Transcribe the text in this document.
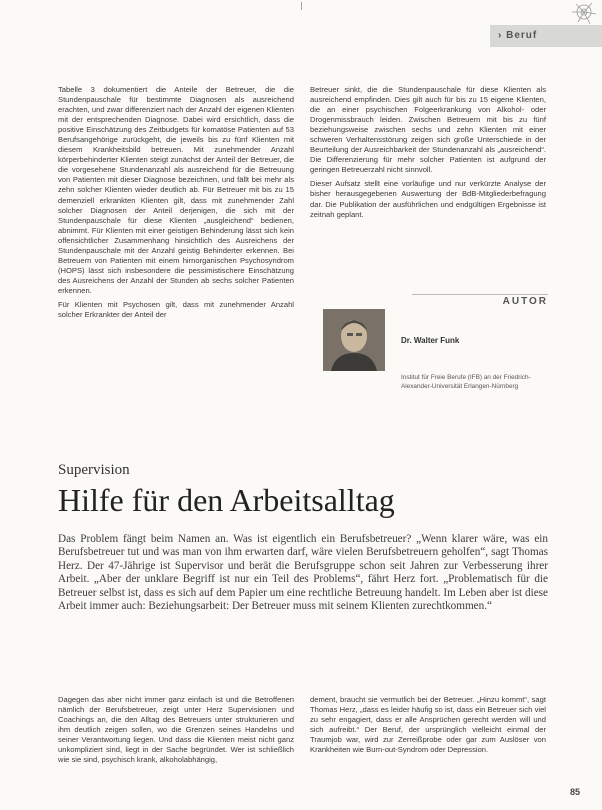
› Beruf

Tabelle 3 dokumentiert die Anteile der Betreuer, die die Stundenpauschale für bestimmte Diagnosen als ausreichend erachten, und zwar differenziert nach der Anzahl der eigenen Klienten mit der entsprechenden Diagnose. Dabei wird ersichtlich, dass die positive Einschätzung des Zeitbudgets für komatöse Patienten auf 53 Berufsangehörige zurückgeht, die jeweils bis zu fünf Klienten mit diesem Krankheitsbild betreuen. Mit zunehmender Anzahl körperbehinderter Klienten steigt zunächst der Anteil der Betreuer, die die vorgesehene Stundenanzahl als ausreichend für die Betreuung von Patienten mit dieser Diagnose bezeichnen, und fällt bei mehr als zehn solcher Klienten wieder deutlich ab. Für Betreuer mit bis zu 15 demenziell erkrankten Klienten gilt, dass mit zunehmender Zahl solcher Diagnosen der Anteil derjenigen, die sich mit der Stundenpauschale für diese Klienten „ausgleichend“ bedienen, abnimmt. Für Klienten mit einer geistigen Behinderung lässt sich kein offensichtlicher Zusammenhang hinsichtlich des Ausreichens der Stundenpauschale mit der Anzahl geistig Behinderter erkennen. Bei Betreuern von Patienten mit einem hirnorganischen Psychosyndrom (HOPS) lässt sich insbesondere die pessimistischere Einschätzung des Ausreichens der Anzahl der Stunden ab sechs solcher Patienten erkennen.

Für Klienten mit Psychosen gilt, dass mit zunehmender Anzahl solcher Erkrankter der Anteil der

Betreuer sinkt, die die Stundenpauschale für diese Klienten als ausreichend empfinden. Dies gilt auch für bis zu 15 eigene Klienten, die an einer psychischen Folgeerkrankung von Alkohol- oder Drogenmissbrauch leiden. Zwischen Betreuern mit bis zu fünf beziehungsweise zwischen sechs und zehn Klienten mit einer schweren Verhaltensstörung zeigen sich große Unterschiede in der Beurteilung der Ausreichbarkeit der Stundenanzahl als „ausreichend“. Die Differenzierung für mehr solcher Patienten ist aufgrund der geringen Betreuerzahl nicht sinnvoll.

Dieser Aufsatz stellt eine vorläufige und nur verkürzte Analyse der bisher herausgegebenen Auswertung der BdB-Mitgliederbefragung dar. Die Publikation der ausführlichen und endgültigen Ergebnisse ist zeitnah geplant.

AUTOR
Dr. Walter Funk
Institut für Freie Berufe (IFB) an der Friedrich-Alexander-Universität Erlangen-Nürnberg
Supervision
Hilfe für den Arbeitsalltag
Das Problem fängt beim Namen an. Was ist eigentlich ein Berufsbetreuer? „Wenn klarer wäre, was ein Berufsbetreuer tut und was man von ihm erwarten darf, wäre vielen Berufsbetreuern geholfen“, sagt Thomas Herz. Der 47-Jährige ist Supervisor und berät die Berufsgruppe schon seit Jahren zur Verbesserung ihrer Arbeit. „Aber der unklare Begriff ist nur ein Teil des Problems“, fährt Herz fort. „Problematisch für die Betreuer selbst ist, dass es sich auf dem Papier um eine rechtliche Betreuung handelt. Im Leben aber ist diese Arbeit immer auch: Beziehungsarbeit: Der Betreuer muss mit seinem Klienten zurechtkommen.“

Dagegen das aber nicht immer ganz einfach ist und die Betroffenen nämlich der Berufsbetreuer, zeigt unter Herz Supervisionen und Coachings an, die den Alltag des Betreuers unter strukturieren und ihm deutlich zeigen sollen, wo die Grenzen seines Handelns und seiner Verantwortung liegen. Und dass die Klienten meist nicht ganz unkompliziert sind, liegt in der Sache begründet. Wer ist schließlich wie sie sind, psychisch krank, alkoholabhängig,

dement, braucht sie vermutlich bei der Betreuer. „Hinzu kommt“, sagt Thomas Herz, „dass es leider häufig so ist, dass ein Betreuer sich viel zu sehr engagiert, dass er alle Ansprüchen gerecht werden will und sich aufreibt.“ Der Beruf, der ursprünglich vielleicht einmal der Traumjob war, wird zur Zerreißprobe oder gar zum Auslöser von Krankheiten wie Burn-out-Syndrom oder Depression.

85
